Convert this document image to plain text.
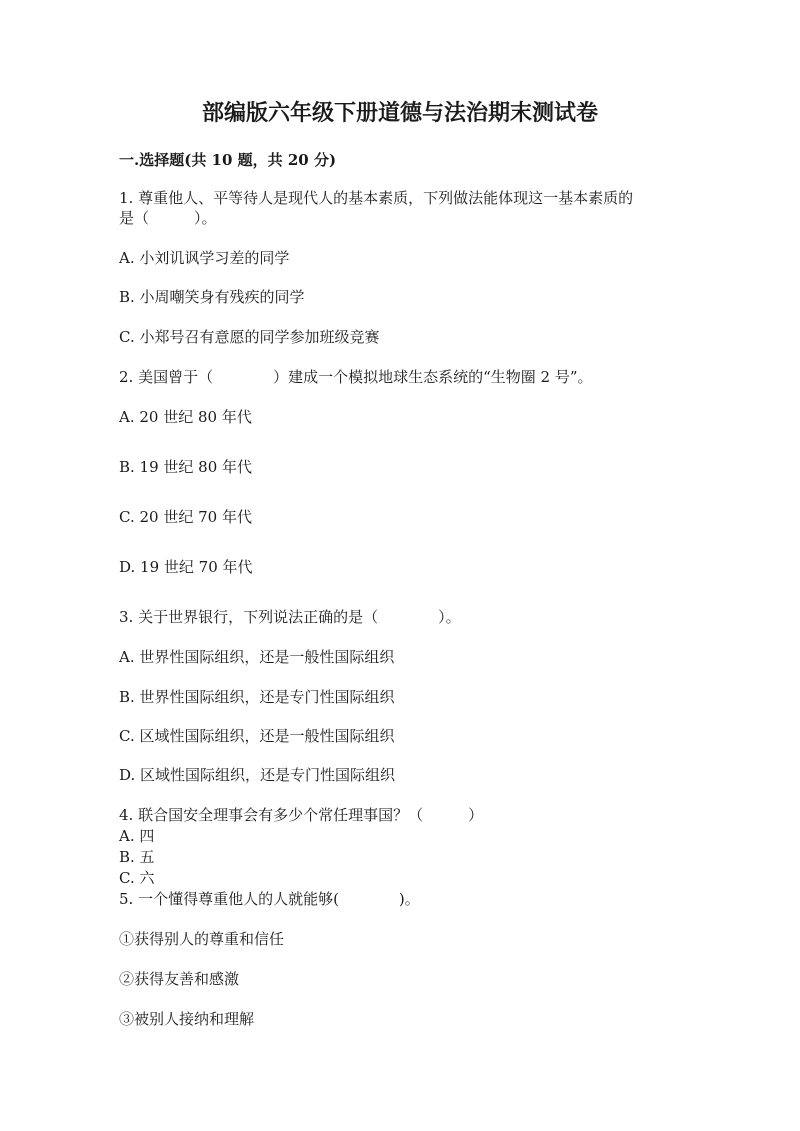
部编版六年级下册道德与法治期末测试卷

一.选择题(共 10 题，共 20 分)

1. 尊重他人、平等待人是现代人的基本素质，下列做法能体现这一基本素质的

是（　　　）。

A. 小刘讥讽学习差的同学

B. 小周嘲笑身有残疾的同学

C. 小郑号召有意愿的同学参加班级竞赛

2. 美国曾于（　　　　）建成一个模拟地球生态系统的“生物圈 2 号”。

A. 20 世纪 80 年代

B. 19 世纪 80 年代

C. 20 世纪 70 年代

D. 19 世纪 70 年代

3. 关于世界银行，下列说法正确的是（　　　　）。

A. 世界性国际组织，还是一般性国际组织

B. 世界性国际组织，还是专门性国际组织

C. 区域性国际组织，还是一般性国际组织

D. 区域性国际组织，还是专门性国际组织

4. 联合国安全理事会有多少个常任理事国？（　　　）

A. 四

B. 五

C. 六

5. 一个懂得尊重他人的人就能够(　　　　)。

①获得别人的尊重和信任

②获得友善和感激

③被别人接纳和理解
